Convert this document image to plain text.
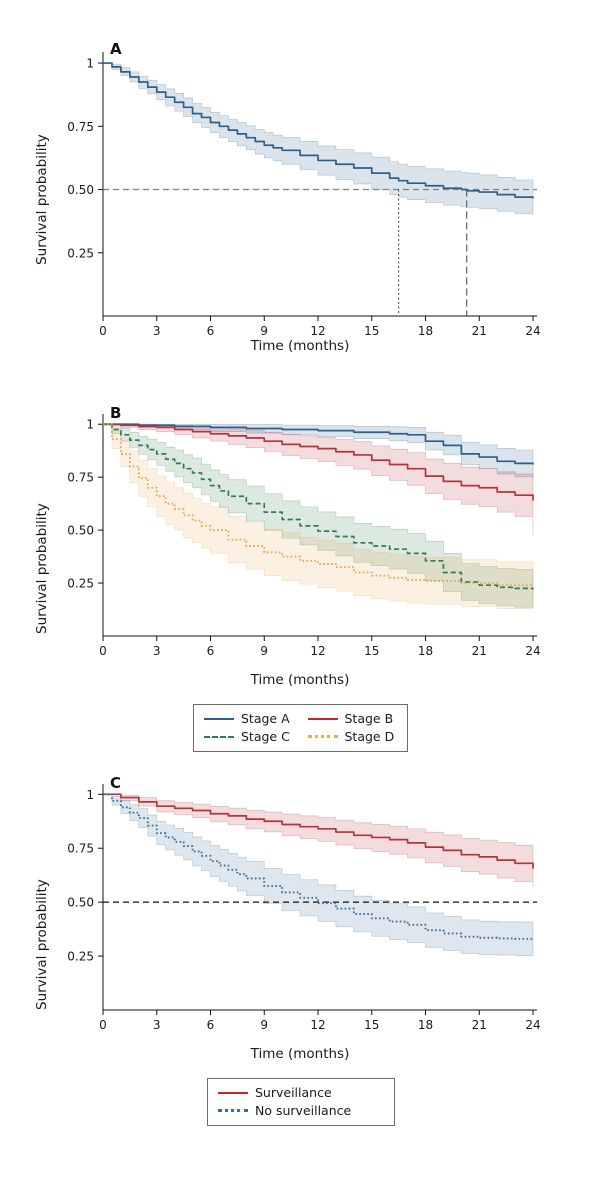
A
Survival probability
Time (months)
0.25
0.50
0.75
1
0	3	6	9	12	15	18	21	24
B
Survival probability
Time (months)
0.25
0.50
0.75
1
0	3	6	9	12	15	18	21	24
Stage A	Stage B
Stage C	Stage D
C
Survival probability
Time (months)
0.25
0.50
0.75
1
0	3	6	9	12	15	18	21	24
Surveillance
No surveillance
